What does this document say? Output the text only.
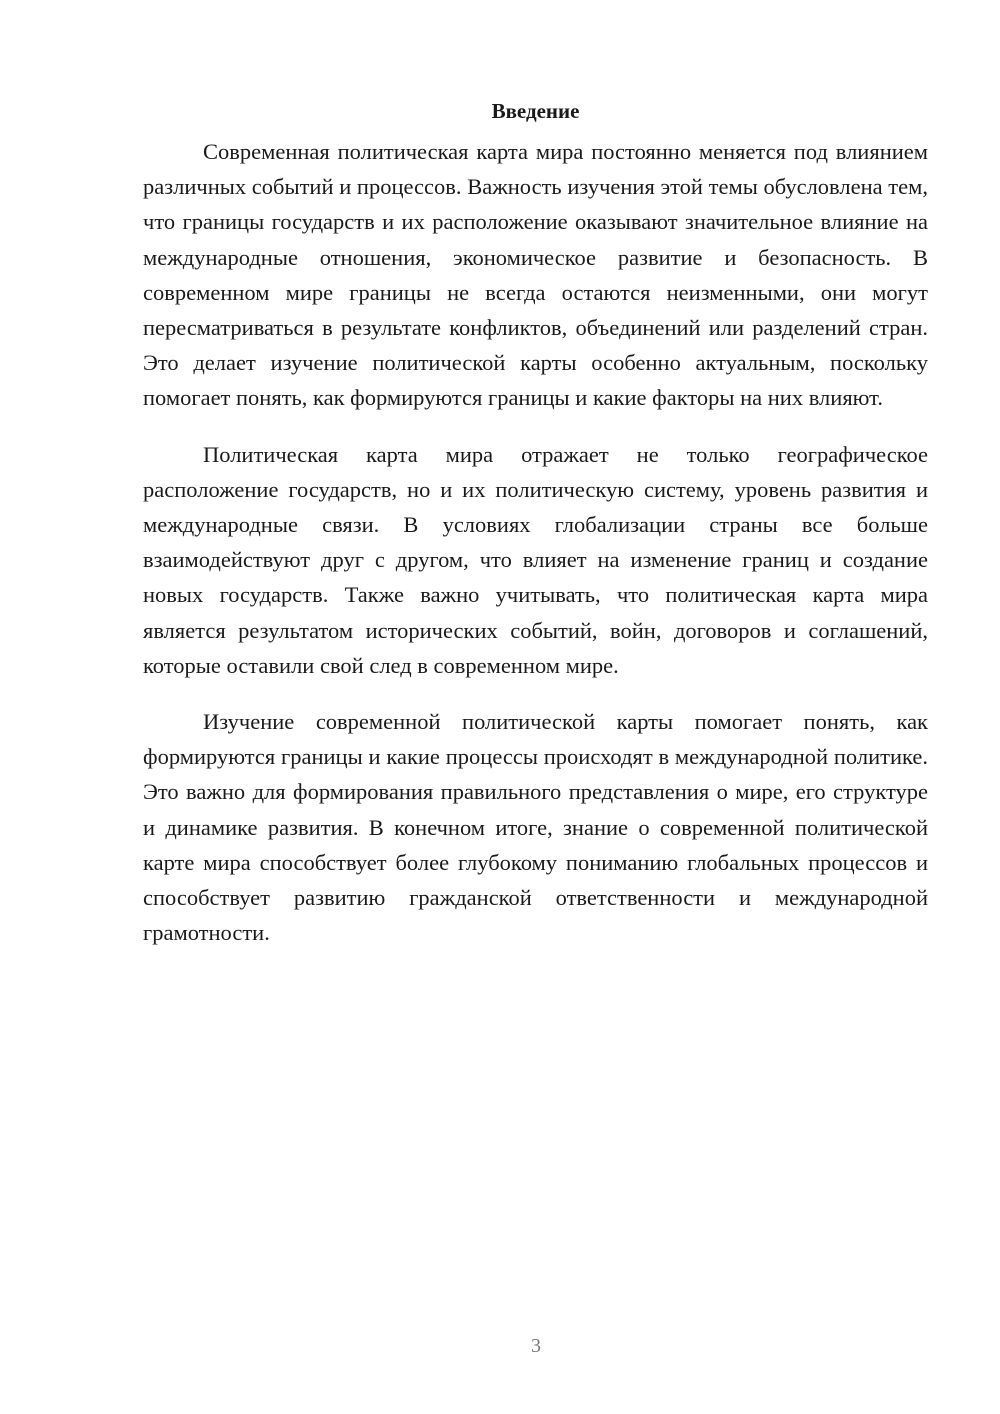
Введение

Современная политическая карта мира постоянно меняется под влиянием различных событий и процессов. Важность изучения этой темы обусловлена тем, что границы государств и их расположение оказывают значительное влияние на международные отношения, экономическое развитие и безопасность. В современном мире границы не всегда остаются неизменными, они могут пересматриваться в результате конфликтов, объединений или разделений стран. Это делает изучение политической карты особенно актуальным, поскольку помогает понять, как формируются границы и какие факторы на них влияют.

Политическая карта мира отражает не только географическое расположение государств, но и их политическую систему, уровень развития и международные связи. В условиях глобализации страны все больше взаимодействуют друг с другом, что влияет на изменение границ и создание новых государств. Также важно учитывать, что политическая карта мира является результатом исторических событий, войн, договоров и соглашений, которые оставили свой след в современном мире.

Изучение современной политической карты помогает понять, как формируются границы и какие процессы происходят в международной политике. Это важно для формирования правильного представления о мире, его структуре и динамике развития. В конечном итоге, знание о современной политической карте мира способствует более глубокому пониманию глобальных процессов и способствует развитию гражданской ответственности и международной грамотности.

3
